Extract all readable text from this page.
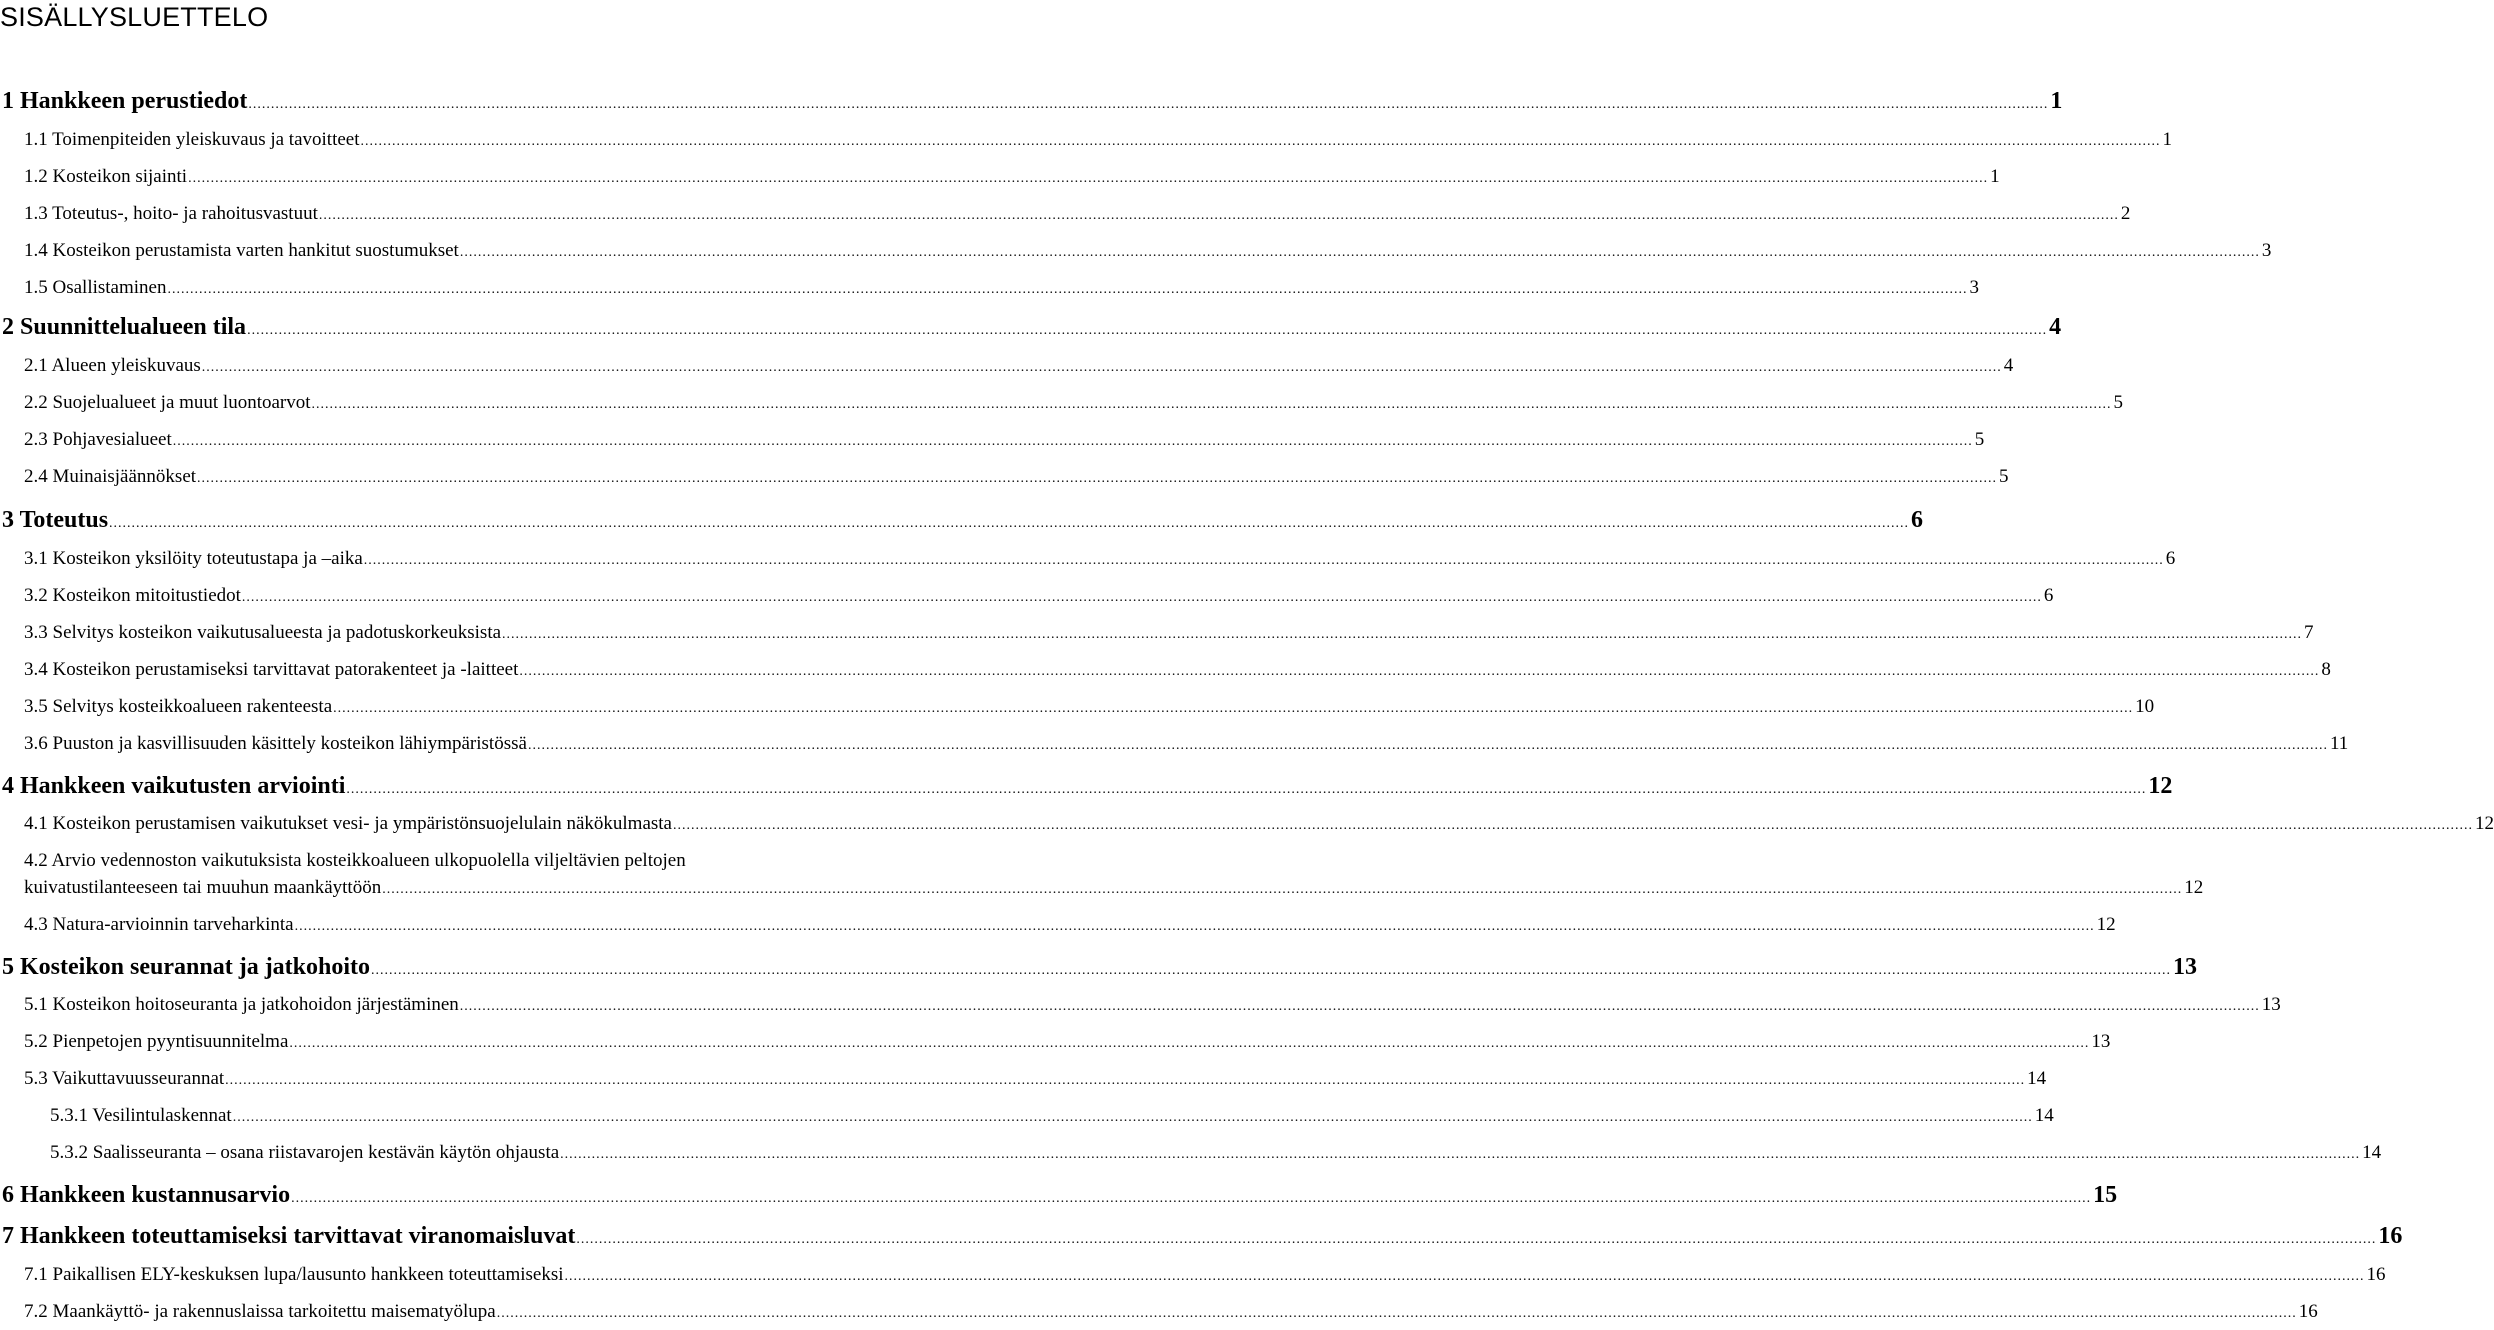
SISÄLLYSLUETTELO
1 Hankkeen perustiedot ................................................................................................................................................................................................................................................................................................................................................................................................................ 1
1.1 Toimenpiteiden yleiskuvaus ja tavoitteet ................................................................................................................................................................................................................................................................................................................................................................................................................ 1
1.2 Kosteikon sijainti ................................................................................................................................................................................................................................................................................................................................................................................................................ 1
1.3 Toteutus-, hoito- ja rahoitusvastuut ................................................................................................................................................................................................................................................................................................................................................................................................................ 2
1.4 Kosteikon perustamista varten hankitut suostumukset ................................................................................................................................................................................................................................................................................................................................................................................................................ 3
1.5 Osallistaminen ................................................................................................................................................................................................................................................................................................................................................................................................................ 3
2 Suunnittelualueen tila ................................................................................................................................................................................................................................................................................................................................................................................................................ 4
2.1 Alueen yleiskuvaus ................................................................................................................................................................................................................................................................................................................................................................................................................ 4
2.2 Suojelualueet ja muut luontoarvot ................................................................................................................................................................................................................................................................................................................................................................................................................ 5
2.3 Pohjavesialueet ................................................................................................................................................................................................................................................................................................................................................................................................................ 5
2.4 Muinaisjäännökset ................................................................................................................................................................................................................................................................................................................................................................................................................ 5
3 Toteutus ................................................................................................................................................................................................................................................................................................................................................................................................................ 6
3.1 Kosteikon yksilöity toteutustapa ja –aika ................................................................................................................................................................................................................................................................................................................................................................................................................ 6
3.2 Kosteikon mitoitustiedot ................................................................................................................................................................................................................................................................................................................................................................................................................ 6
3.3 Selvitys kosteikon vaikutusalueesta ja padotuskorkeuksista ................................................................................................................................................................................................................................................................................................................................................................................................................ 7
3.4 Kosteikon perustamiseksi tarvittavat patorakenteet ja -laitteet ................................................................................................................................................................................................................................................................................................................................................................................................................ 8
3.5 Selvitys kosteikkoalueen rakenteesta ................................................................................................................................................................................................................................................................................................................................................................................................................ 10
3.6 Puuston ja kasvillisuuden käsittely kosteikon lähiympäristössä ................................................................................................................................................................................................................................................................................................................................................................................................................ 11
4 Hankkeen vaikutusten arviointi ................................................................................................................................................................................................................................................................................................................................................................................................................ 12
4.1 Kosteikon perustamisen vaikutukset vesi- ja ympäristönsuojelulain näkökulmasta ................................................................................................................................................................................................................................................................................................................................................................................................................ 12
4.2 Arvio vedennoston vaikutuksista kosteikkoalueen ulkopuolella viljeltävien peltojen
kuivatustilanteeseen tai muuhun maankäyttöön ................................................................................................................................................................................................................................................................................................................................................................................................................ 12
4.3 Natura-arvioinnin tarveharkinta ................................................................................................................................................................................................................................................................................................................................................................................................................ 12
5 Kosteikon seurannat ja jatkohoito ................................................................................................................................................................................................................................................................................................................................................................................................................ 13
5.1 Kosteikon hoitoseuranta ja jatkohoidon järjestäminen ................................................................................................................................................................................................................................................................................................................................................................................................................ 13
5.2 Pienpetojen pyyntisuunnitelma ................................................................................................................................................................................................................................................................................................................................................................................................................ 13
5.3 Vaikuttavuusseurannat ................................................................................................................................................................................................................................................................................................................................................................................................................ 14
5.3.1 Vesilintulaskennat ................................................................................................................................................................................................................................................................................................................................................................................................................ 14
5.3.2 Saalisseuranta – osana riistavarojen kestävän käytön ohjausta ................................................................................................................................................................................................................................................................................................................................................................................................................ 14
6 Hankkeen kustannusarvio ................................................................................................................................................................................................................................................................................................................................................................................................................ 15
7 Hankkeen toteuttamiseksi tarvittavat viranomaisluvat ................................................................................................................................................................................................................................................................................................................................................................................................................ 16
7.1 Paikallisen ELY-keskuksen lupa/lausunto hankkeen toteuttamiseksi ................................................................................................................................................................................................................................................................................................................................................................................................................ 16
7.2 Maankäyttö- ja rakennuslaissa tarkoitettu maisematyölupa ................................................................................................................................................................................................................................................................................................................................................................................................................ 16
